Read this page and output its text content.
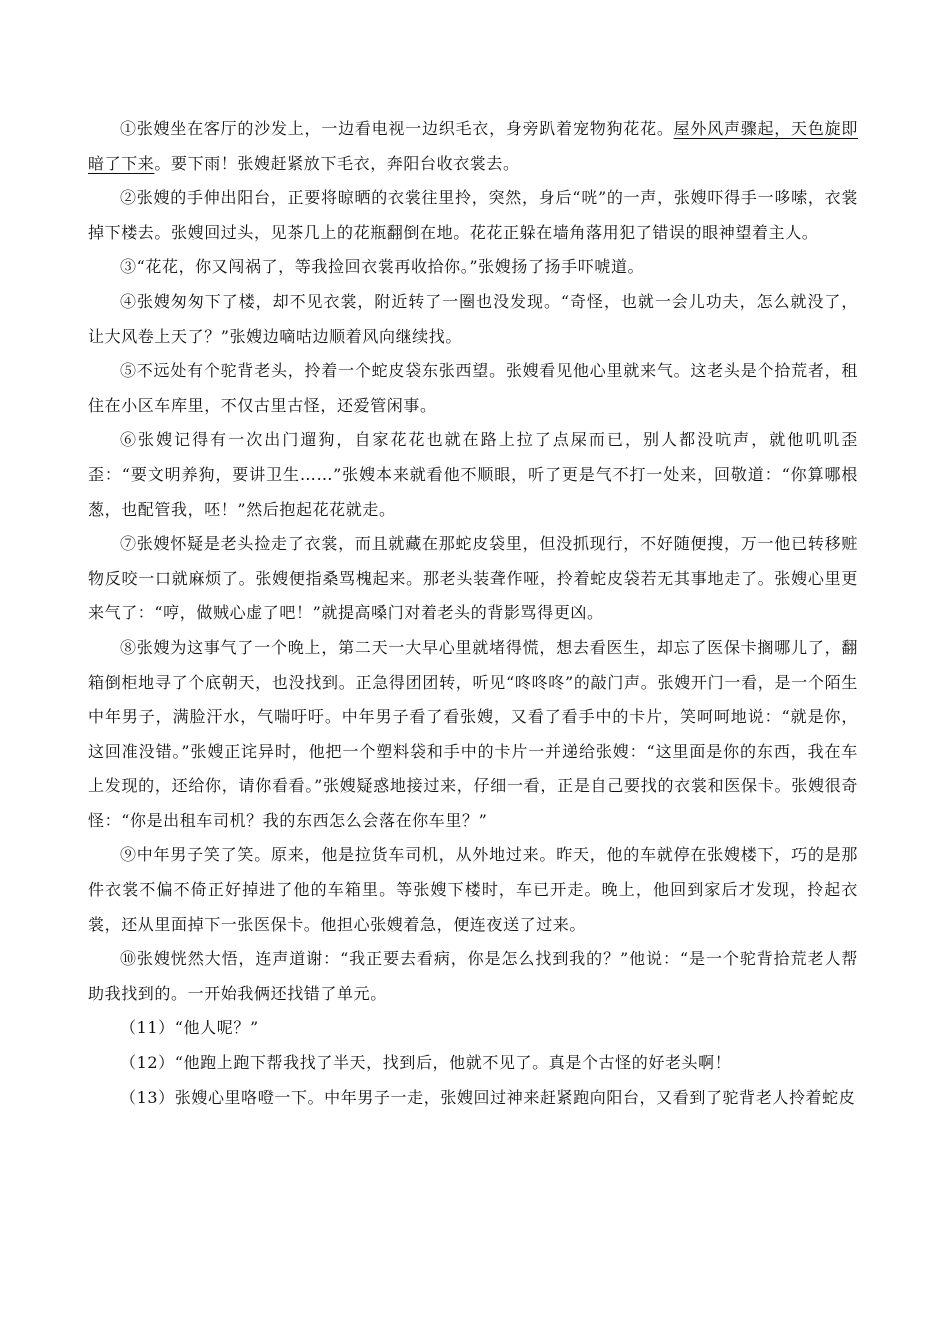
①张嫂坐在客厅的沙发上，一边看电视一边织毛衣，身旁趴着宠物狗花花。屋外风声骤起，天色旋即暗了下来。要下雨！张嫂赶紧放下毛衣，奔阳台收衣裳去。

②张嫂的手伸出阳台，正要将晾晒的衣裳往里拎，突然，身后“咣”的一声，张嫂吓得手一哆嗦，衣裳掉下楼去。张嫂回过头，见茶几上的花瓶翻倒在地。花花正躲在墙角落用犯了错误的眼神望着主人。

③“花花，你又闯祸了，等我捡回衣裳再收拾你。”张嫂扬了扬手吓唬道。

④张嫂匆匆下了楼，却不见衣裳，附近转了一圈也没发现。“奇怪，也就一会儿功夫，怎么就没了，让大风卷上天了？”张嫂边嘀咕边顺着风向继续找。

⑤不远处有个驼背老头，拎着一个蛇皮袋东张西望。张嫂看见他心里就来气。这老头是个拾荒者，租住在小区车库里，不仅古里古怪，还爱管闲事。

⑥张嫂记得有一次出门遛狗，自家花花也就在路上拉了点屎而已，别人都没吭声，就他叽叽歪歪：“要文明养狗，要讲卫生……”张嫂本来就看他不顺眼，听了更是气不打一处来，回敬道：“你算哪根葱，也配管我，呸！”然后抱起花花就走。

⑦张嫂怀疑是老头捡走了衣裳，而且就藏在那蛇皮袋里，但没抓现行，不好随便搜，万一他已转移赃物反咬一口就麻烦了。张嫂便指桑骂槐起来。那老头装聋作哑，拎着蛇皮袋若无其事地走了。张嫂心里更来气了：“哼，做贼心虚了吧！”就提高嗓门对着老头的背影骂得更凶。

⑧张嫂为这事气了一个晚上，第二天一大早心里就堵得慌，想去看医生，却忘了医保卡搁哪儿了，翻箱倒柜地寻了个底朝天，也没找到。正急得团团转，听见“咚咚咚”的敲门声。张嫂开门一看，是一个陌生中年男子，满脸汗水，气喘吁吁。中年男子看了看张嫂，又看了看手中的卡片，笑呵呵地说：“就是你，这回准没错。”张嫂正诧异时，他把一个塑料袋和手中的卡片一并递给张嫂：“这里面是你的东西，我在车上发现的，还给你，请你看看。”张嫂疑惑地接过来，仔细一看，正是自己要找的衣裳和医保卡。张嫂很奇怪：“你是出租车司机？我的东西怎么会落在你车里？”

⑨中年男子笑了笑。原来，他是拉货车司机，从外地过来。昨天，他的车就停在张嫂楼下，巧的是那件衣裳不偏不倚正好掉进了他的车箱里。等张嫂下楼时，车已开走。晚上，他回到家后才发现，拎起衣裳，还从里面掉下一张医保卡。他担心张嫂着急，便连夜送了过来。

⑩张嫂恍然大悟，连声道谢：“我正要去看病，你是怎么找到我的？”他说：“是一个驼背拾荒老人帮助我找到的。一开始我俩还找错了单元。

（11）“他人呢？”

（12）“他跑上跑下帮我找了半天，找到后，他就不见了。真是个古怪的好老头啊！

（13）张嫂心里咯噔一下。中年男子一走，张嫂回过神来赶紧跑向阳台，又看到了驼背老人拎着蛇皮
